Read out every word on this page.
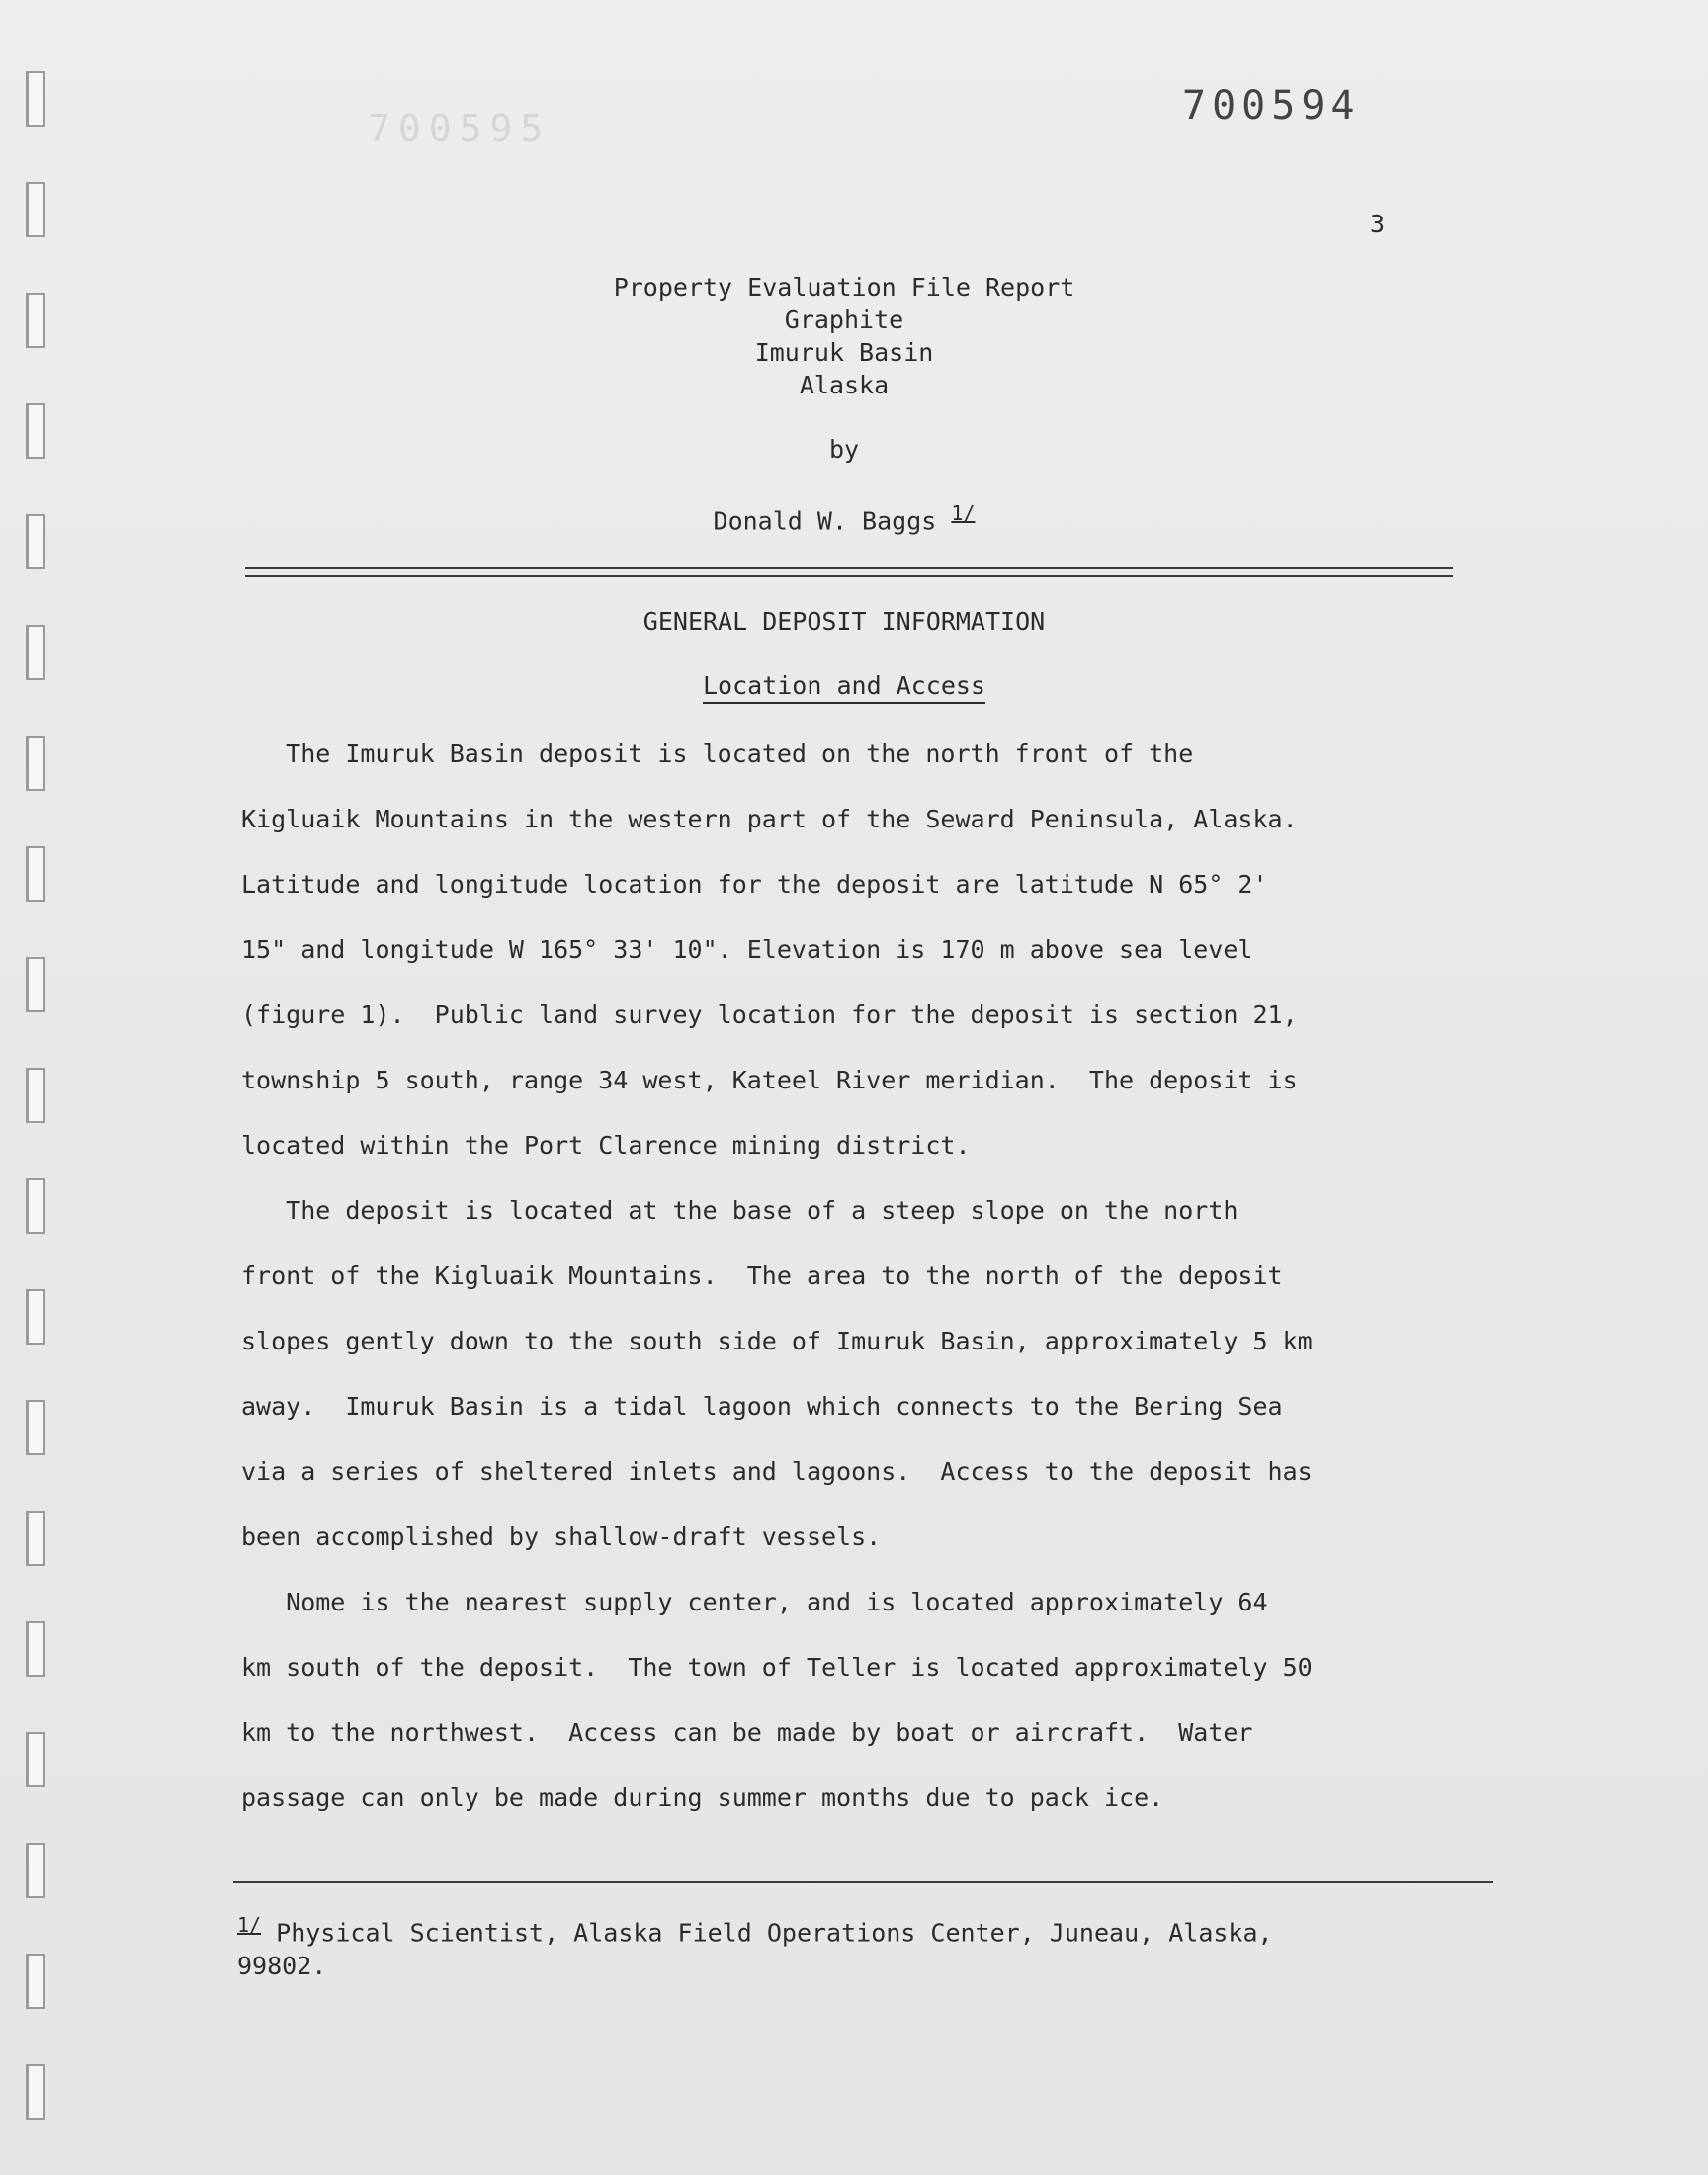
700595	700594
3
Property Evaluation File Report
Graphite
Imuruk Basin
Alaska
by
Donald W. Baggs $^{1/}$
GENERAL DEPOSIT INFORMATION
Location and Access
The Imuruk Basin deposit is located on the north front of the
Kigluaik Mountains in the western part of the Seward Peninsula, Alaska.
Latitude and longitude location for the deposit are latitude N 65° 2'
15" and longitude W 165° 33' 10". Elevation is 170 m above sea level
(figure 1).  Public land survey location for the deposit is section 21,
township 5 south, range 34 west, Kateel River meridian.  The deposit is
located within the Port Clarence mining district.
The deposit is located at the base of a steep slope on the north
front of the Kigluaik Mountains.  The area to the north of the deposit
slopes gently down to the south side of Imuruk Basin, approximately 5 km
away.  Imuruk Basin is a tidal lagoon which connects to the Bering Sea
via a series of sheltered inlets and lagoons.  Access to the deposit has
been accomplished by shallow-draft vessels.
Nome is the nearest supply center, and is located approximately 64
km south of the deposit.  The town of Teller is located approximately 50
km to the northwest.  Access can be made by boat or aircraft.  Water
passage can only be made during summer months due to pack ice.
$^{1/}$ Physical Scientist, Alaska Field Operations Center, Juneau, Alaska,
99802.
